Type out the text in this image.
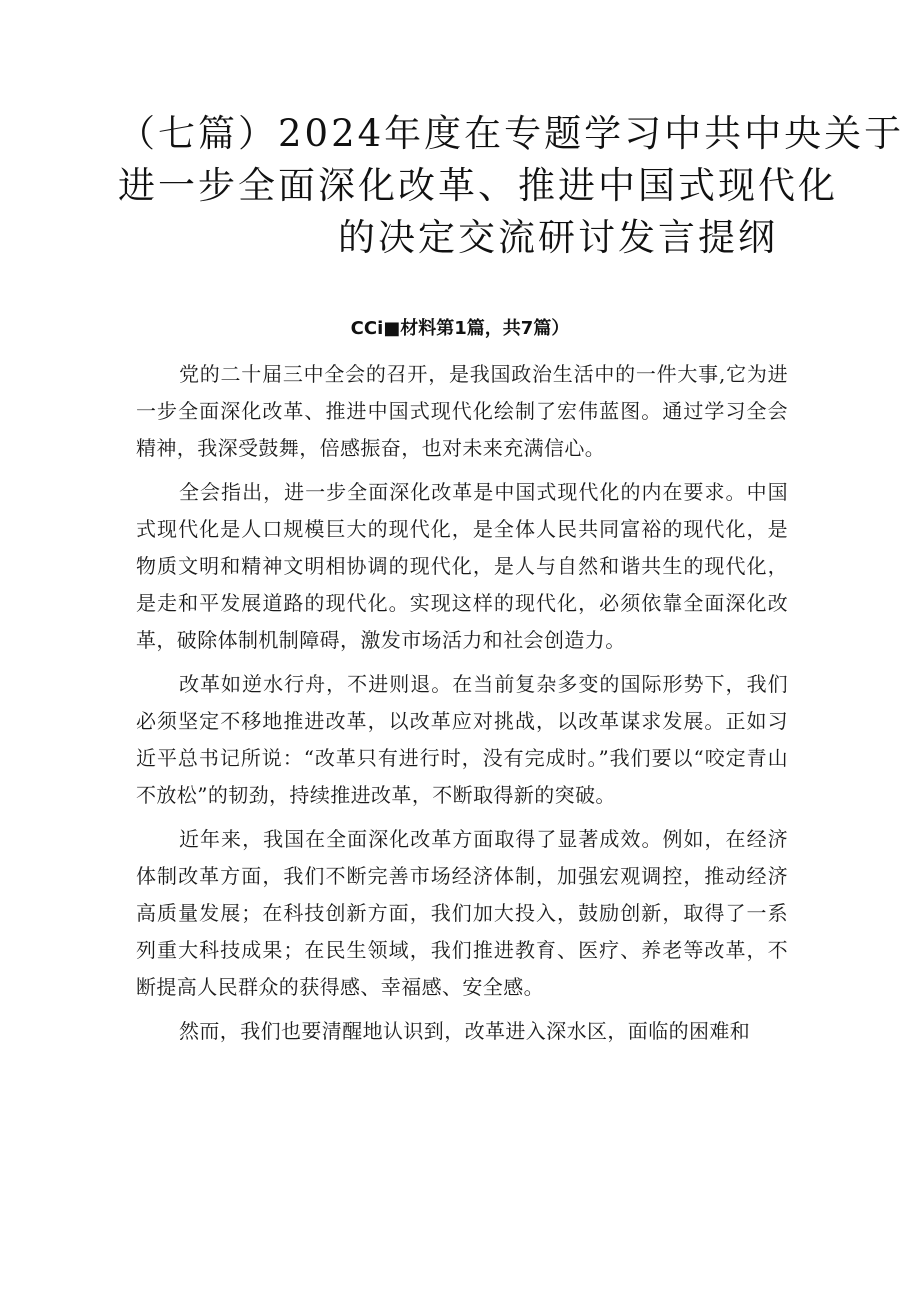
（七篇）2024年度在专题学习中共中央关于
进一步全面深化改革、推进中国式现代化
的决定交流研讨发言提纲
CCi■材料第1篇，共7篇）

党的二十届三中全会的召开，是我国政治生活中的一件大事,它为进一步全面深化改革、推进中国式现代化绘制了宏伟蓝图。通过学习全会精神，我深受鼓舞，倍感振奋，也对未来充满信心。

全会指出，进一步全面深化改革是中国式现代化的内在要求。中国式现代化是人口规模巨大的现代化，是全体人民共同富裕的现代化，是物质文明和精神文明相协调的现代化，是人与自然和谐共生的现代化，是走和平发展道路的现代化。实现这样的现代化，必须依靠全面深化改革，破除体制机制障碍，激发市场活力和社会创造力。

改革如逆水行舟，不进则退。在当前复杂多变的国际形势下，我们必须坚定不移地推进改革，以改革应对挑战，以改革谋求发展。正如习近平总书记所说：“改革只有进行时，没有完成时。”我们要以“咬定青山不放松”的韧劲，持续推进改革，不断取得新的突破。

近年来，我国在全面深化改革方面取得了显著成效。例如，在经济体制改革方面，我们不断完善市场经济体制，加强宏观调控，推动经济高质量发展；在科技创新方面，我们加大投入，鼓励创新，取得了一系列重大科技成果；在民生领域，我们推进教育、医疗、养老等改革，不断提高人民群众的获得感、幸福感、安全感。

然而，我们也要清醒地认识到，改革进入深水区，面临的困难和
